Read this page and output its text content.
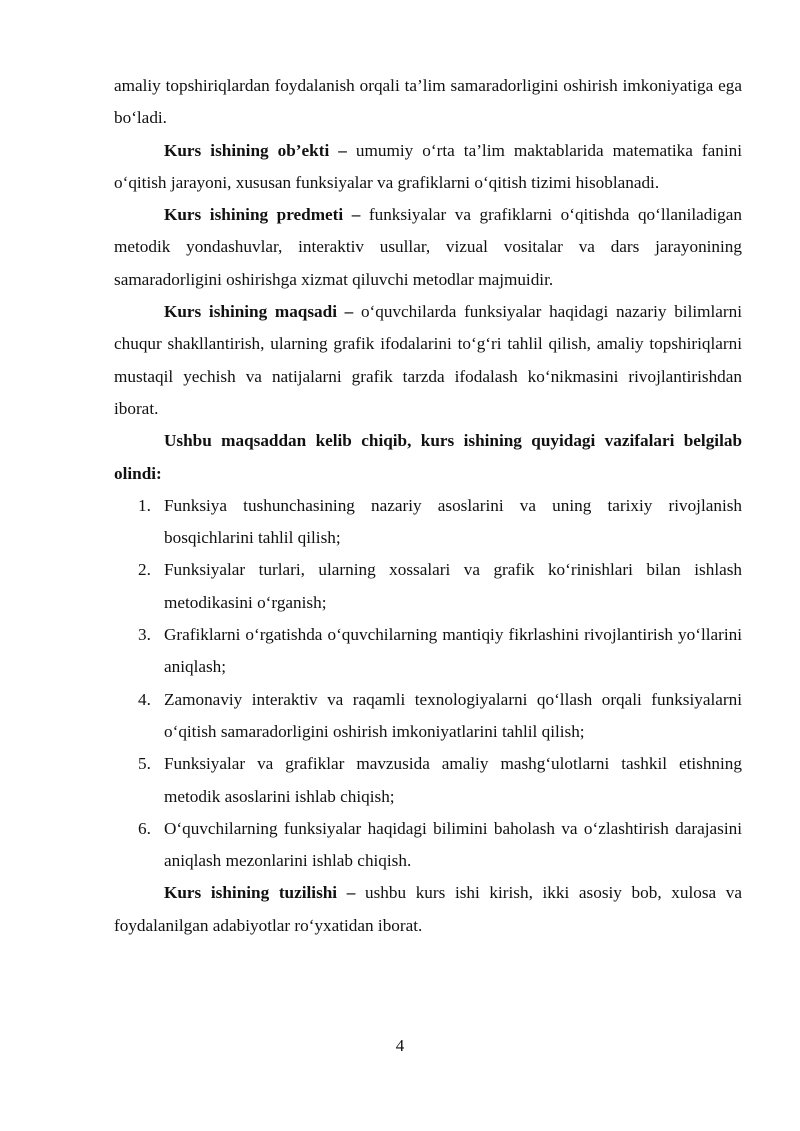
amaliy topshiriqlardan foydalanish orqali ta’lim samaradorligini oshirish imkoniyatiga ega bo‘ladi.

Kurs ishining ob’ekti – umumiy o‘rta ta’lim maktablarida matematika fanini o‘qitish jarayoni, xususan funksiyalar va grafiklarni o‘qitish tizimi hisoblanadi.

Kurs ishining predmeti – funksiyalar va grafiklarni o‘qitishda qo‘llaniladigan metodik yondashuvlar, interaktiv usullar, vizual vositalar va dars jarayonining samaradorligini oshirishga xizmat qiluvchi metodlar majmuidir.

Kurs ishining maqsadi – o‘quvchilarda funksiyalar haqidagi nazariy bilimlarni chuqur shakllantirish, ularning grafik ifodalarini to‘g‘ri tahlil qilish, amaliy topshiriqlarni mustaqil yechish va natijalarni grafik tarzda ifodalash ko‘nikmasini rivojlantirishdan iborat.

Ushbu maqsaddan kelib chiqib, kurs ishining quyidagi vazifalari belgilab olindi:

1. Funksiya tushunchasining nazariy asoslarini va uning tarixiy rivojlanish bosqichlarini tahlil qilish;
2. Funksiyalar turlari, ularning xossalari va grafik ko‘rinishlari bilan ishlash metodikasini o‘rganish;
3. Grafiklarni o‘rgatishda o‘quvchilarning mantiqiy fikrlashini rivojlantirish yo‘llarini aniqlash;
4. Zamonaviy interaktiv va raqamli texnologiyalarni qo‘llash orqali funksiyalarni o‘qitish samaradorligini oshirish imkoniyatlarini tahlil qilish;
5. Funksiyalar va grafiklar mavzusida amaliy mashg‘ulotlarni tashkil etishning metodik asoslarini ishlab chiqish;
6. O‘quvchilarning funksiyalar haqidagi bilimini baholash va o‘zlashtirish darajasini aniqlash mezonlarini ishlab chiqish.

Kurs ishining tuzilishi – ushbu kurs ishi kirish, ikki asosiy bob, xulosa va foydalanilgan adabiyotlar ro‘yxatidan iborat.

4
